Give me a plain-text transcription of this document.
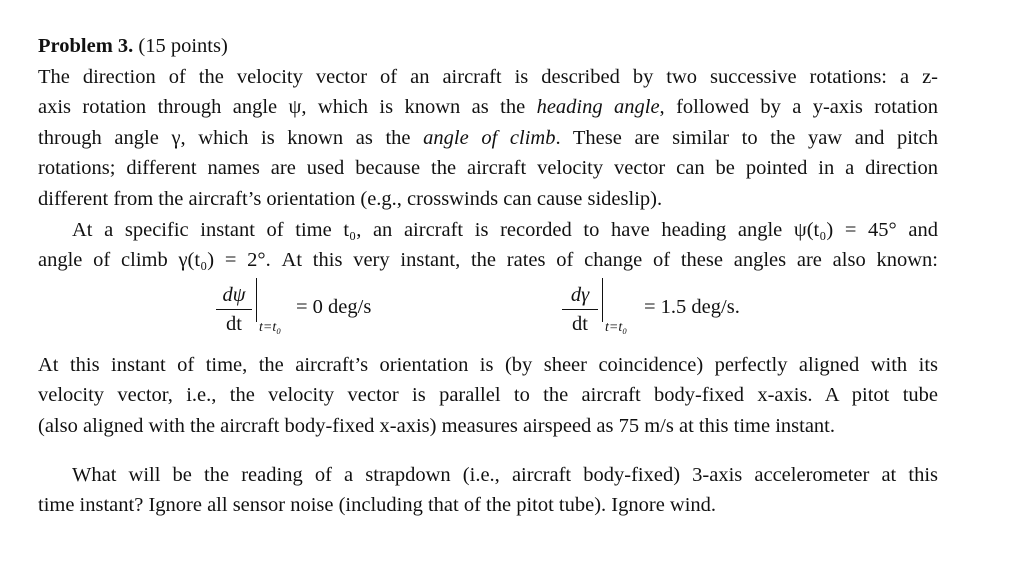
Problem 3. (15 points)
The direction of the velocity vector of an aircraft is described by two successive rotations: a z-
axis rotation through angle ψ, which is known as the heading angle, followed by a y-axis rotation
through angle γ, which is known as the angle of climb. These are similar to the yaw and pitch
rotations; different names are used because the aircraft velocity vector can be pointed in a direction
different from the aircraft’s orientation (e.g., crosswinds can cause sideslip).
At a specific instant of time t₀, an aircraft is recorded to have heading angle ψ(t₀) = 45° and
angle of climb γ(t₀) = 2°. At this very instant, the rates of change of these angles are also known:
dψ
dt	t=t₀
= 0 deg/s
dγ
dt	t=t₀
= 1.5 deg/s.
At this instant of time, the aircraft’s orientation is (by sheer coincidence) perfectly aligned with its
velocity vector, i.e., the velocity vector is parallel to the aircraft body-fixed x-axis. A pitot tube
(also aligned with the aircraft body-fixed x-axis) measures airspeed as 75 m/s at this time instant.
What will be the reading of a strapdown (i.e., aircraft body-fixed) 3-axis accelerometer at this
time instant? Ignore all sensor noise (including that of the pitot tube). Ignore wind.
